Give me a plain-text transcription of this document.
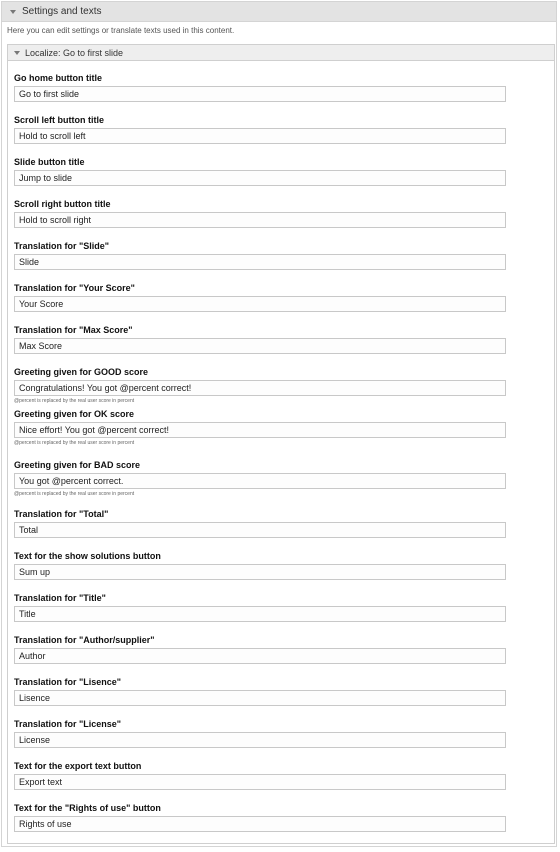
Settings and texts
Here you can edit settings or translate texts used in this content.
Localize: Go to first slide
Go home button title
Go to first slide
Scroll left button title
Hold to scroll left
Slide button title
Jump to slide
Scroll right button title
Hold to scroll right
Translation for "Slide"
Slide
Translation for "Your Score"
Your Score
Translation for "Max Score"
Max Score
Greeting given for GOOD score
Congratulations! You got @percent correct!
@percent is replaced by the real user score in percent
Greeting given for OK score
Nice effort! You got @percent correct!
@percent is replaced by the real user score in percent
Greeting given for BAD score
You got @percent correct.
@percent is replaced by the real user score in percent
Translation for "Total"
Total
Text for the show solutions button
Sum up
Translation for "Title"
Title
Translation for "Author/supplier"
Author
Translation for "Lisence"
Lisence
Translation for "License"
License
Text for the export text button
Export text
Text for the "Rights of use" button
Rights of use
